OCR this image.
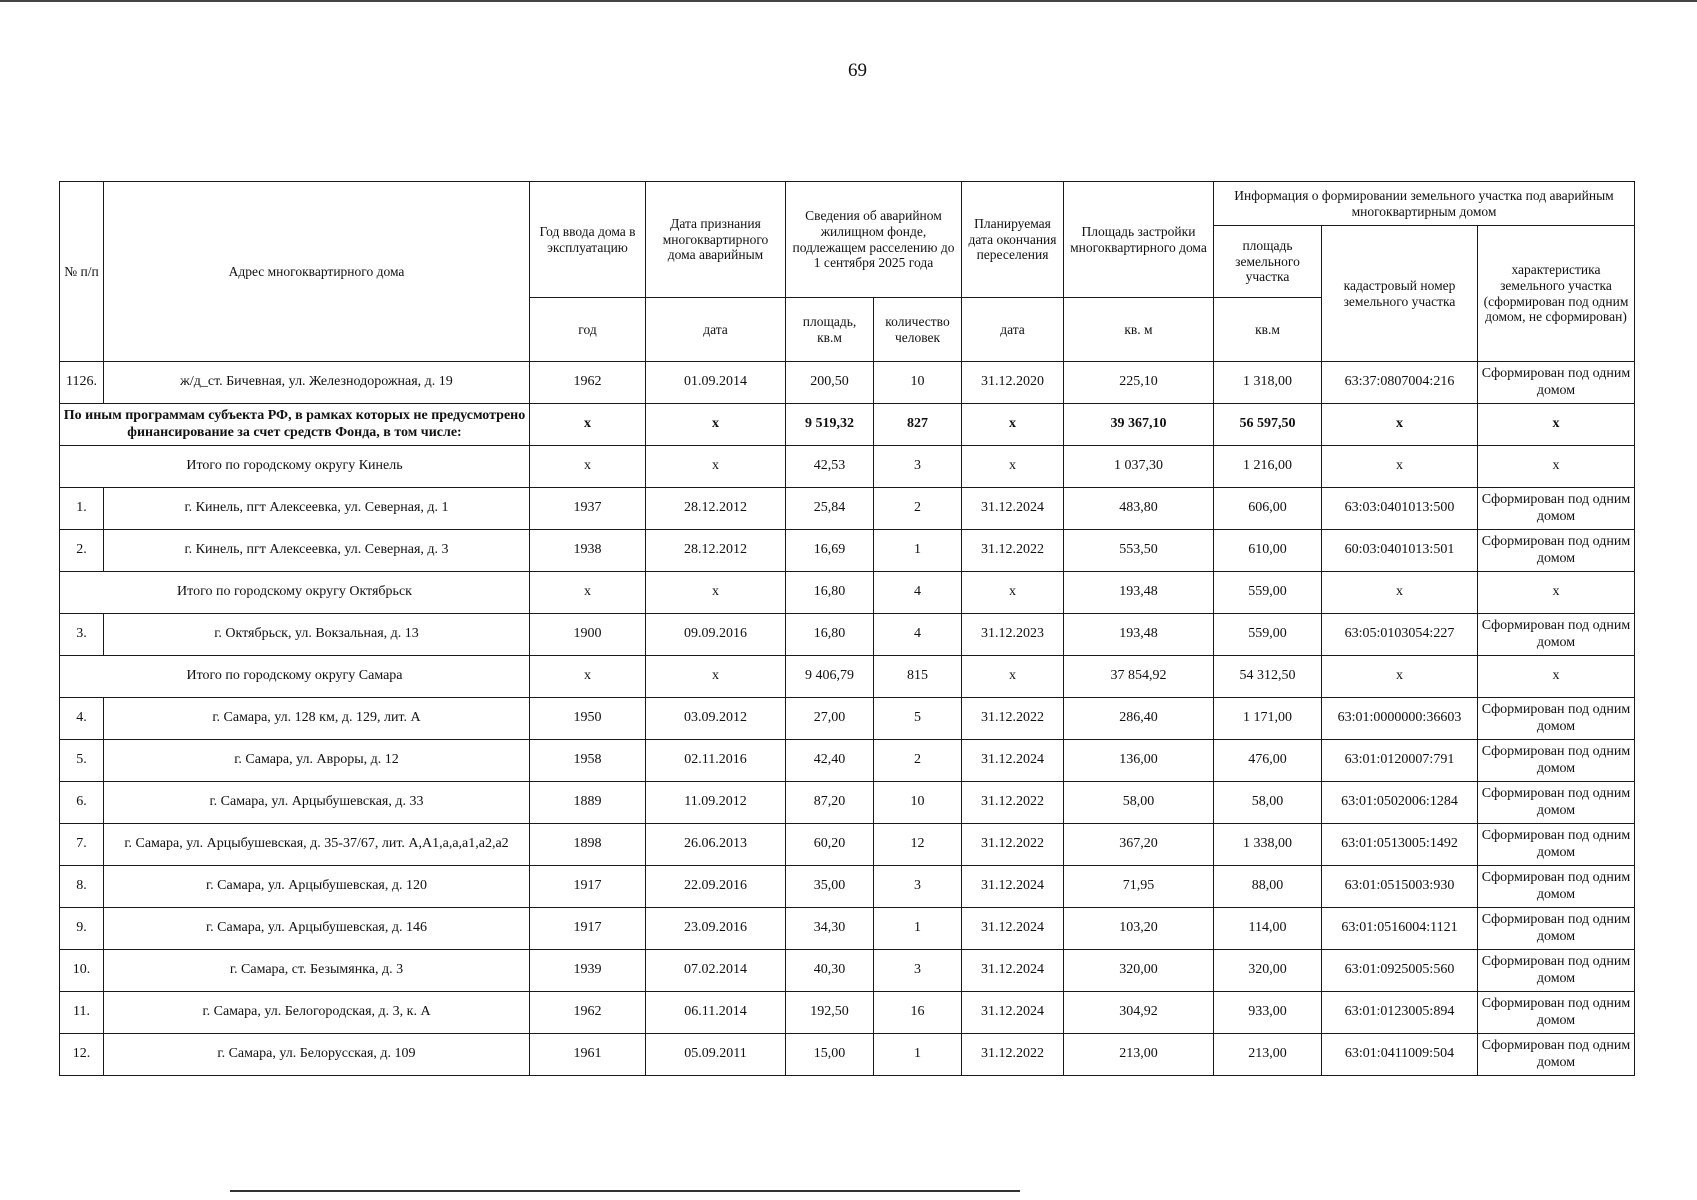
69
№ п/п	Адрес многоквартирного дома	Год ввода дома в эксплуатацию	Дата признания многоквартирного дома аварийным	Сведения об аварийном жилищном фонде, подлежащем расселению до 1 сентября 2025 года		Планируемая дата окончания переселения	Площадь застройки многоквартирного дома	Информация о формировании земельного участка под аварийным многоквартирным домом		
								площадь земельного участка	кадастровый номер земельного участка	характеристика земельного участка (сформирован под одним домом, не сформирован)
		год	дата	площадь, кв.м	количество человек	дата	кв. м	кв.м		
1126.	ж/д_ст. Бичевная, ул. Железнодорожная, д. 19	1962	01.09.2014	200,50	10	31.12.2020	225,10	1 318,00	63:37:0807004:216	Сформирован под одним домом
По иным программам субъекта РФ, в рамках которых не предусмотрено финансирование за счет средств Фонда, в том числе:		x	x	9 519,32	827	x	39 367,10	56 597,50	x	x
Итого по городскому округу Кинель		x	x	42,53	3	x	1 037,30	1 216,00	x	x
1.	г. Кинель, пгт Алексеевка, ул. Северная, д. 1	1937	28.12.2012	25,84	2	31.12.2024	483,80	606,00	63:03:0401013:500	Сформирован под одним домом
2.	г. Кинель, пгт Алексеевка, ул. Северная, д. 3	1938	28.12.2012	16,69	1	31.12.2022	553,50	610,00	60:03:0401013:501	Сформирован под одним домом
Итого по городскому округу Октябрьск		x	x	16,80	4	x	193,48	559,00	x	x
3.	г. Октябрьск, ул. Вокзальная, д. 13	1900	09.09.2016	16,80	4	31.12.2023	193,48	559,00	63:05:0103054:227	Сформирован под одним домом
Итого по городскому округу Самара		x	x	9 406,79	815	x	37 854,92	54 312,50	x	x
4.	г. Самара, ул. 128 км, д. 129, лит. А	1950	03.09.2012	27,00	5	31.12.2022	286,40	1 171,00	63:01:0000000:36603	Сформирован под одним домом
5.	г. Самара, ул. Авроры, д. 12	1958	02.11.2016	42,40	2	31.12.2024	136,00	476,00	63:01:0120007:791	Сформирован под одним домом
6.	г. Самара, ул. Арцыбушевская, д. 33	1889	11.09.2012	87,20	10	31.12.2022	58,00	58,00	63:01:0502006:1284	Сформирован под одним домом
7.	г. Самара, ул. Арцыбушевская, д. 35-37/67, лит. А,А1,а,а,а1,а2,а2	1898	26.06.2013	60,20	12	31.12.2022	367,20	1 338,00	63:01:0513005:1492	Сформирован под одним домом
8.	г. Самара, ул. Арцыбушевская, д. 120	1917	22.09.2016	35,00	3	31.12.2024	71,95	88,00	63:01:0515003:930	Сформирован под одним домом
9.	г. Самара, ул. Арцыбушевская, д. 146	1917	23.09.2016	34,30	1	31.12.2024	103,20	114,00	63:01:0516004:1121	Сформирован под одним домом
10.	г. Самара, ст. Безымянка, д. 3	1939	07.02.2014	40,30	3	31.12.2024	320,00	320,00	63:01:0925005:560	Сформирован под одним домом
11.	г. Самара, ул. Белогородская, д. 3, к. А	1962	06.11.2014	192,50	16	31.12.2024	304,92	933,00	63:01:0123005:894	Сформирован под одним домом
12.	г. Самара, ул. Белорусская, д. 109	1961	05.09.2011	15,00	1	31.12.2022	213,00	213,00	63:01:0411009:504	Сформирован под одним домом
